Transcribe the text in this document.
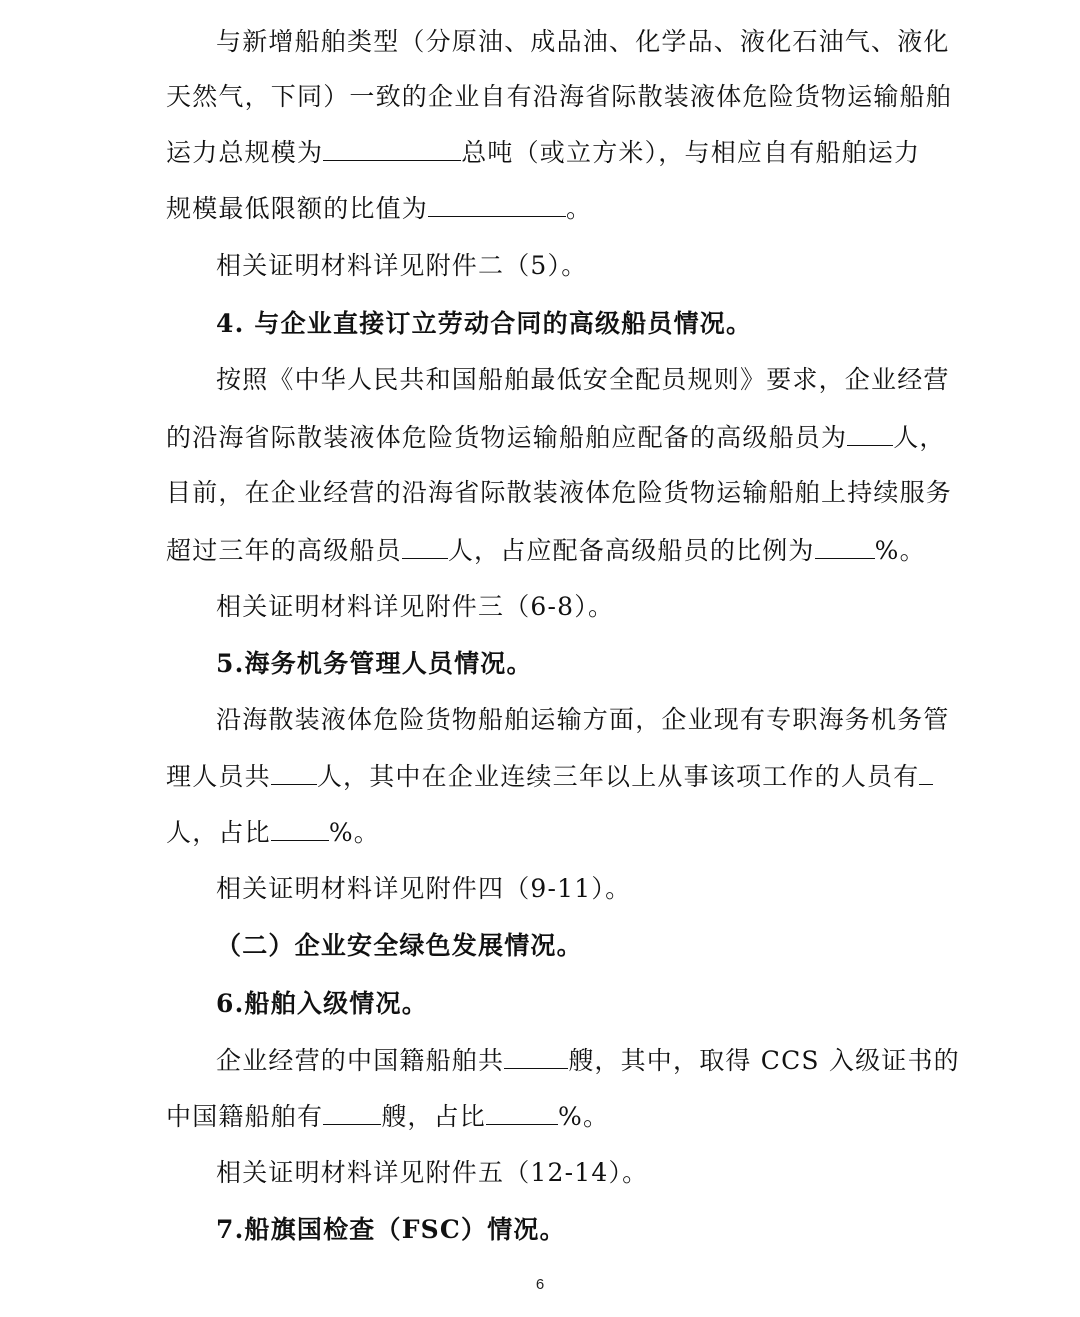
与新增船舶类型（分原油、成品油、化学品、液化石油气、液化
天然气，下同）一致的企业自有沿海省际散装液体危险货物运输船舶
运力总规模为	总吨（或立方米），与相应自有船舶运力
规模最低限额的比值为	。
相关证明材料详见附件二（5）。
4. 与企业直接订立劳动合同的高级船员情况。
按照《中华人民共和国船舶最低安全配员规则》要求，企业经营
的沿海省际散装液体危险货物运输船舶应配备的高级船员为 人，
目前，在企业经营的沿海省际散装液体危险货物运输船舶上持续服务
超过三年的高级船员 人，占应配备高级船员的比例为 %。
相关证明材料详见附件三（6-8）。
5.海务机务管理人员情况。
沿海散装液体危险货物船舶运输方面，企业现有专职海务机务管
理人员共 人，其中在企业连续三年以上从事该项工作的人员有
人，占比 %。
相关证明材料详见附件四（9-11）。
（二）企业安全绿色发展情况。
6.船舶入级情况。
企业经营的中国籍船舶共	艘，其中，取得 CCS 入级证书的
中国籍船舶有 艘，占比	%。
相关证明材料详见附件五（12-14）。
7.船旗国检查（FSC）情况。
6
